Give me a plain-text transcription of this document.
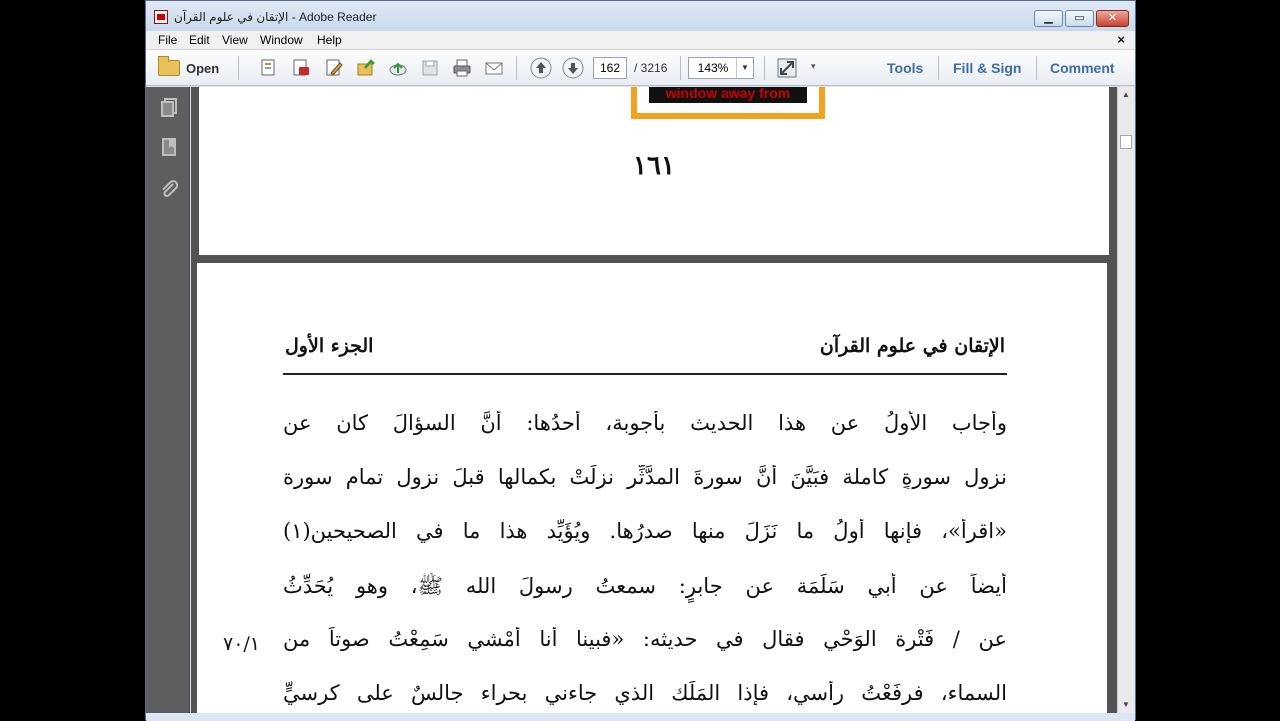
الإتقان في علوم القرآن - Adobe Reader	▁	▭	✕
File Edit View Window Help	×
Open	162	/ 3216	143%	▼	▾	Tools Fill & Sign Comment
window away from
١٦١
الإتقان في علوم القرآن
الجزء الأول
وأجاب الأولُ عن هذا الحديث بأجوبة، أحدُها: أنَّ السؤالَ كان عن
نزولِ سورةٍ كاملة فبَيَّنَ أنَّ سورةَ المدَّثِّر نزلَتْ بكمالها قبلَ نزولِ تمامِ سورة
«اقرأ»، فإنها أولُ ما نَزَلَ منها صدرُها. ويُؤَيِّد هذا ما في الصحيحين(١)
أيضاً عن أبي سَلَمَة عن جابرٍ: سمعتُ رسولَ الله ﷺ، وهو يُحَدِّثُ
عن / فَتْرة الوَحْيِ فقال في حديثه: «فبينا أنا أمْشي سَمِعْتُ صوتاً من
السماء، فرفَعْتُ رأسي، فإذا المَلَك الذي جاءني بحراء جالسٌ على كرسيٍّ
٧٠/١
▲
▼
